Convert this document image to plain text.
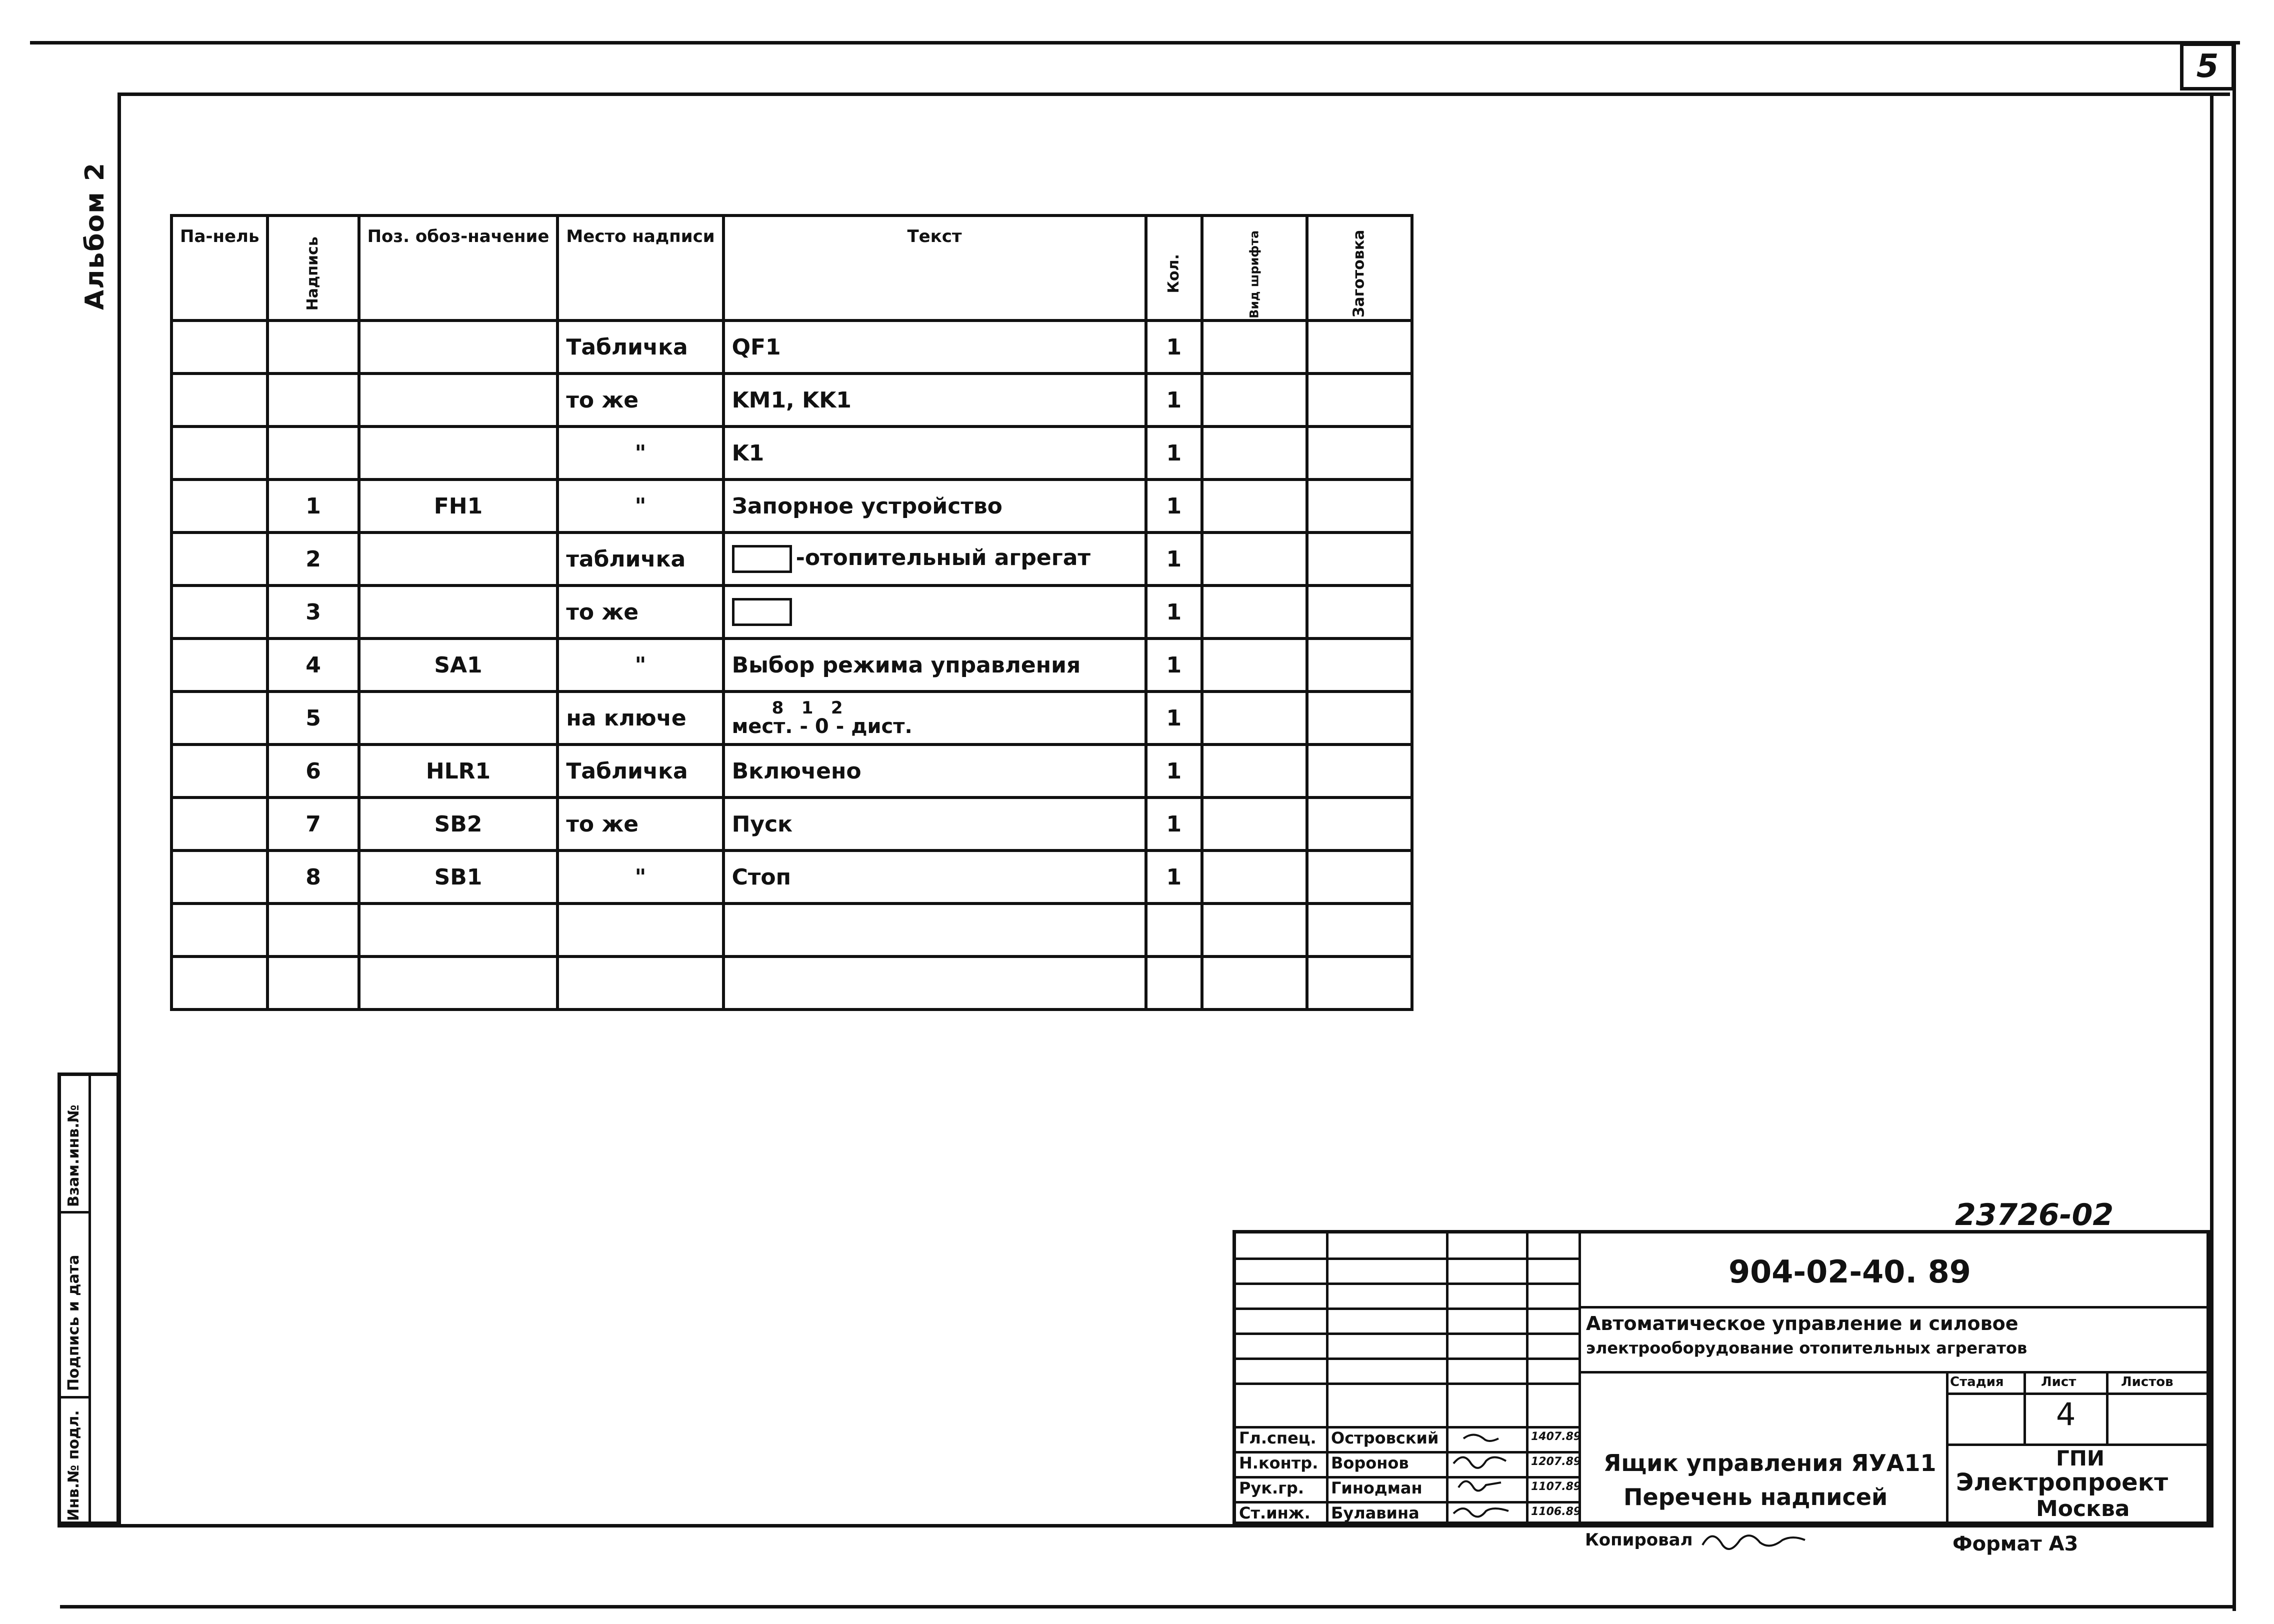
5
Альбом 2
Инв.№ подл.
Подпись и дата
Взам.инв.№
Па-нель	Надпись	Поз. обоз-начение	Место надписи	Текст	Кол.	Вид шрифта	Заготовка
			Табличка	QF1	1		
			то же	KM1, KK1	1		
			"	K1	1		
	1	FH1	"	Запорное устройство	1		
	2		табличка	-отопительный агрегат	1		
	3		то же		1		
	4	SA1	"	Выбор режима управления	1		
	5		на ключе	8   1   2
мест. - 0 - дист.	1		
	6	HLR1	Табличка	Включено	1		
	7	SB2	то же	Пуск	1		
	8	SB1	"	Стоп	1		

23726-02
Гл.спец. Островский	1407.89
Н.контр. Воронов	1207.89
Рук.гр. Гинодман	1107.89
Ст.инж. Булавина	1106.89
904-02-40. 89
Автоматическое управление и силовое
электрооборудование отопительных агрегатов
Стадия	Лист	Листов
4
Ящик управления ЯУА11
Перечень надписей
ГПИ
Электропроект
Москва
Копировал	Формат А3
